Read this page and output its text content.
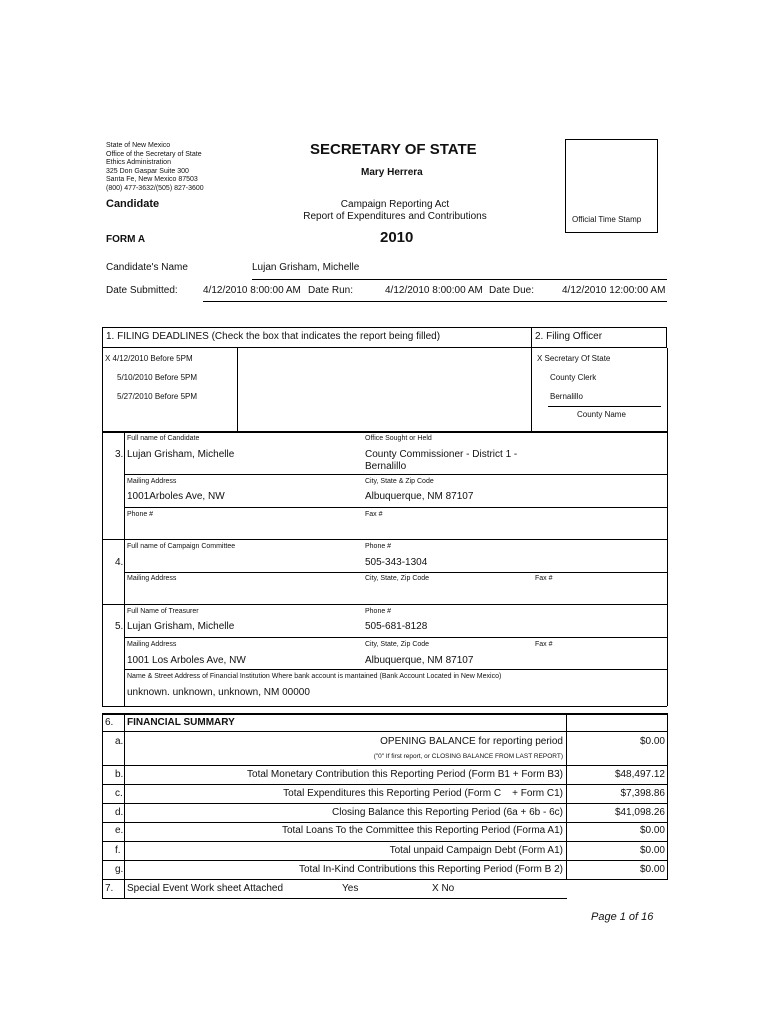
State of New Mexico
Office of the Secretary of State
Ethics Administration
325 Don Gaspar Suite 300
Santa Fe, New Mexico 87503
(800) 477-3632/(505) 827-3600
SECRETARY OF STATE
Mary Herrera
Candidate	Campaign Reporting Act
Report of Expenditures and Contributions
FORM A	2010
Official Time Stamp
Candidate's Name	Lujan Grisham, Michelle
Date Submitted:	4/12/2010 8:00:00 AM Date Run:	4/12/2010 8:00:00 AM Date Due:	4/12/2010 12:00:00 AM
1. FILING DEADLINES (Check the box that indicates the report being filled)	2. Filing Officer
X 4/12/2010 Before 5PM
5/10/2010 Before 5PM
5/27/2010 Before 5PM
X Secretary Of State
County Clerk
Bernalillo
County Name
Full name of Candidate	Office Sought or Held
3. Lujan Grisham, Michelle	County Commissioner - District 1 -
Bernalillo
Mailing Address	City, State & Zip Code
1001Arboles Ave, NW	Albuquerque, NM 87107
Phone #	Fax #
Full name of Campaign Committee	Phone #
4.	505-343-1304
Mailing Address	City, State, Zip Code	Fax #
Full Name of Treasurer	Phone #
5. Lujan Grisham, Michelle	505-681-8128
Mailing Address	City, State, Zip Code	Fax #
1001 Los Arboles Ave, NW	Albuquerque, NM 87107
Name & Street Address of Financial Institution Where bank account is mantained (Bank Account Located in New Mexico)
unknown. unknown, unknown, NM 00000
6. FINANCIAL SUMMARY
a.	OPENING BALANCE for reporting period	$0.00
("0" If first report, or CLOSING BALANCE FROM LAST REPORT)
b.	Total Monetary Contribution this Reporting Period (Form B1 + Form B3)	$48,497.12
c.	Total Expenditures this Reporting Period (Form C    + Form C1)	$7,398.86
d.	Closing Balance this Reporting Period (6a + 6b - 6c)	$41,098.26
e.	Total Loans To the Committee this Reporting Period (Forma A1)	$0.00
f.	Total unpaid Campaign Debt (Form A1)	$0.00
g.	Total In-Kind Contributions this Reporting Period (Form B 2)	$0.00
7. Special Event Work sheet Attached	Yes	X No
Page 1 of 16
